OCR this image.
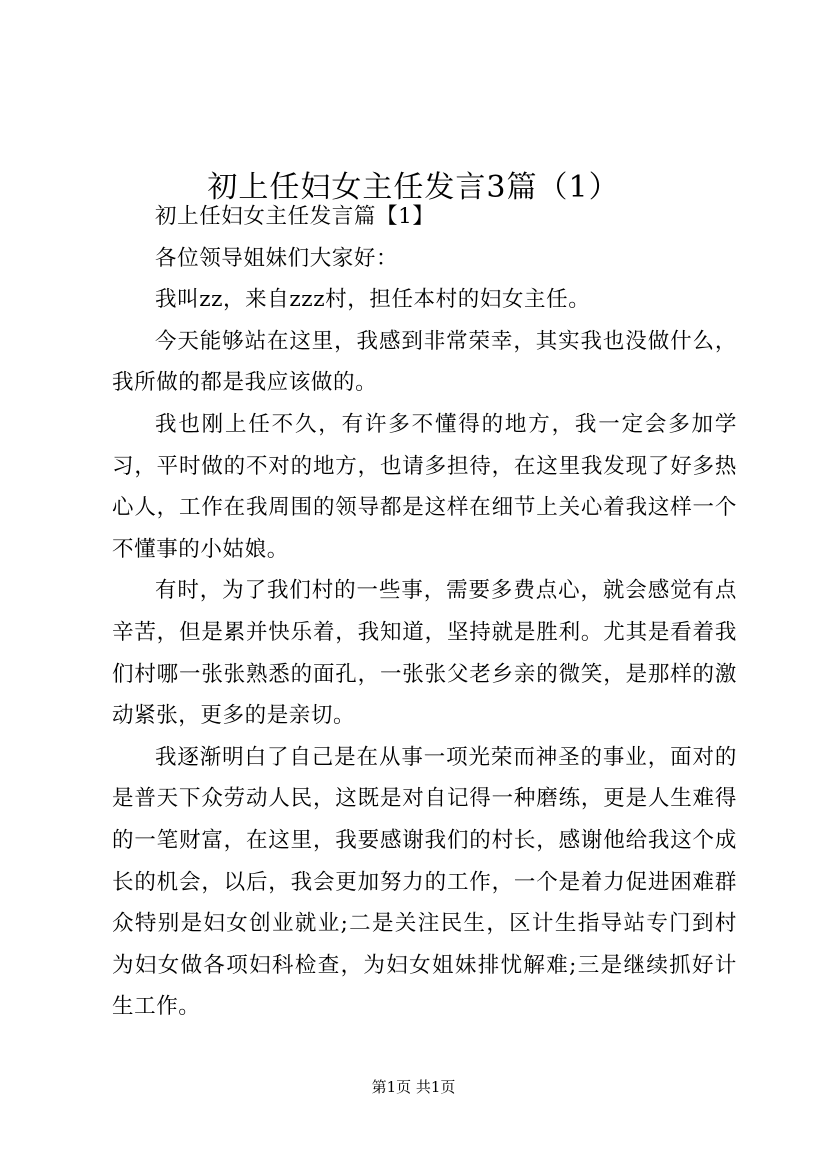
初上任妇女主任发言3篇（1）

初上任妇女主任发言篇【1】

各位领导姐妹们大家好：

我叫zz，来自zzz村，担任本村的妇女主任。

今天能够站在这里，我感到非常荣幸，其实我也没做什么，我所做的都是我应该做的。

我也刚上任不久，有许多不懂得的地方，我一定会多加学习，平时做的不对的地方，也请多担待，在这里我发现了好多热心人，工作在我周围的领导都是这样在细节上关心着我这样一个不懂事的小姑娘。

有时，为了我们村的一些事，需要多费点心，就会感觉有点辛苦，但是累并快乐着，我知道，坚持就是胜利。尤其是看着我们村哪一张张熟悉的面孔，一张张父老乡亲的微笑，是那样的激动紧张，更多的是亲切。

我逐渐明白了自己是在从事一项光荣而神圣的事业，面对的是普天下众劳动人民，这既是对自记得一种磨练，更是人生难得的一笔财富，在这里，我要感谢我们的村长，感谢他给我这个成长的机会，以后，我会更加努力的工作，一个是着力促进困难群众特别是妇女创业就业;二是关注民生，区计生指导站专门到村为妇女做各项妇科检查，为妇女姐妹排忧解难;三是继续抓好计生工作。

第1页 共1页
